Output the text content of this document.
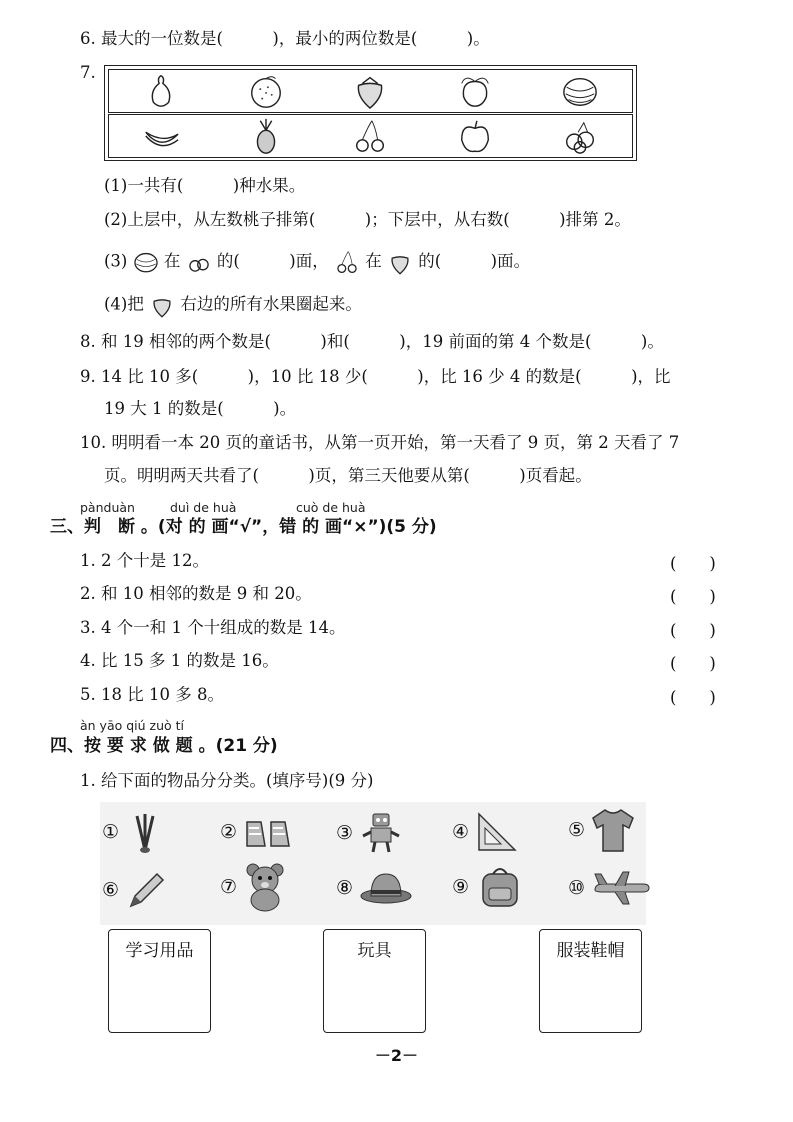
6. 最大的一位数是(　　　)，最小的两位数是(　　　)。
7.
(1)一共有(　　　)种水果。
(2)上层中，从左数桃子排第(　　　)；下层中，从右数(　　　)排第 2。
(3) 在 的(　　　)面， 在 的(　　　)面。
(4)把 右边的所有水果圈起来。
8. 和 19 相邻的两个数是(　　　)和(　　　)，19 前面的第 4 个数是(　　　)。
9. 14 比 10 多(　　　)，10 比 18 少(　　　)，比 16 少 4 的数是(　　　)，比
19 大 1 的数是(　　　)。
10. 明明看一本 20 页的童话书，从第一页开始，第一天看了 9 页，第 2 天看了 7
页。明明两天共看了(　　　)页，第三天他要从第(　　　)页看起。
pànduàn	duì de huà	cuò de huà
三、判　断 。(对 的 画“√”，错 的 画“×”)(5 分)
1. 2 个十是 12。	(　　)
2. 和 10 相邻的数是 9 和 20。	(　　)
3. 4 个一和 1 个十组成的数是 14。	(　　)
4. 比 15 多 1 的数是 16。	(　　)
5. 18 比 10 多 8。	(　　)
àn yāo qiú zuò tí
四、按 要 求 做 题 。(21 分)
1. 给下面的物品分分类。(填序号)(9 分)
①	②	③	④	⑤
⑥	⑦	⑧	⑨	⑩
学习用品	玩具	服装鞋帽
－2－
